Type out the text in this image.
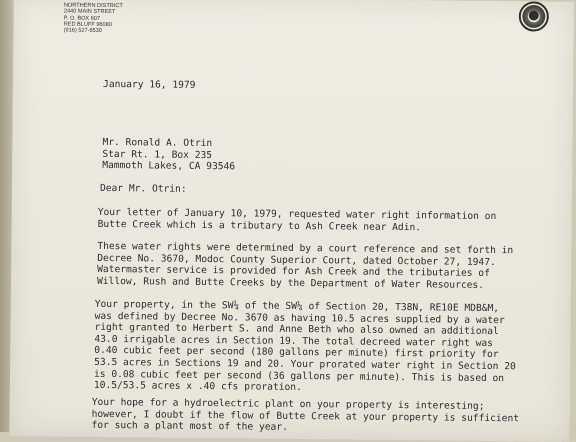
NORTHERN DISTRICT
2440 MAIN STREET
P. O. BOX 607
RED BLUFF 96080
(916) 527-6530
January 16, 1979
Mr. Ronald A. Otrin
Star Rt. 1, Box 235
Mammoth Lakes, CA 93546
Dear Mr. Otrin:
Your letter of January 10, 1979, requested water right information on
Butte Creek which is a tributary to Ash Creek near Adin.
These water rights were determined by a court reference and set forth in
Decree No. 3670, Modoc County Superior Court, dated October 27, 1947.
Watermaster service is provided for Ash Creek and the tributaries of
Willow, Rush and Butte Creeks by the Department of Water Resources.
Your property, in the SW¼ of the SW¼ of Section 20, T38N, RE10E MDB&M,
was defined by Decree No. 3670 as having 10.5 acres supplied by a water
right granted to Herbert S. and Anne Beth who also owned an additional
43.0 irrigable acres in Section 19. The total decreed water right was
0.40 cubic feet per second (180 gallons per minute) first priority for
53.5 acres in Sections 19 and 20. Your prorated water right in Section 20
is 0.08 cubic feet per second (36 gallons per minute). This is based on
10.5/53.5 acres x .40 cfs proration.
Your hope for a hydroelectric plant on your property is interesting;
however, I doubt if the flow of Butte Creek at your property is sufficient
for such a plant most of the year.
